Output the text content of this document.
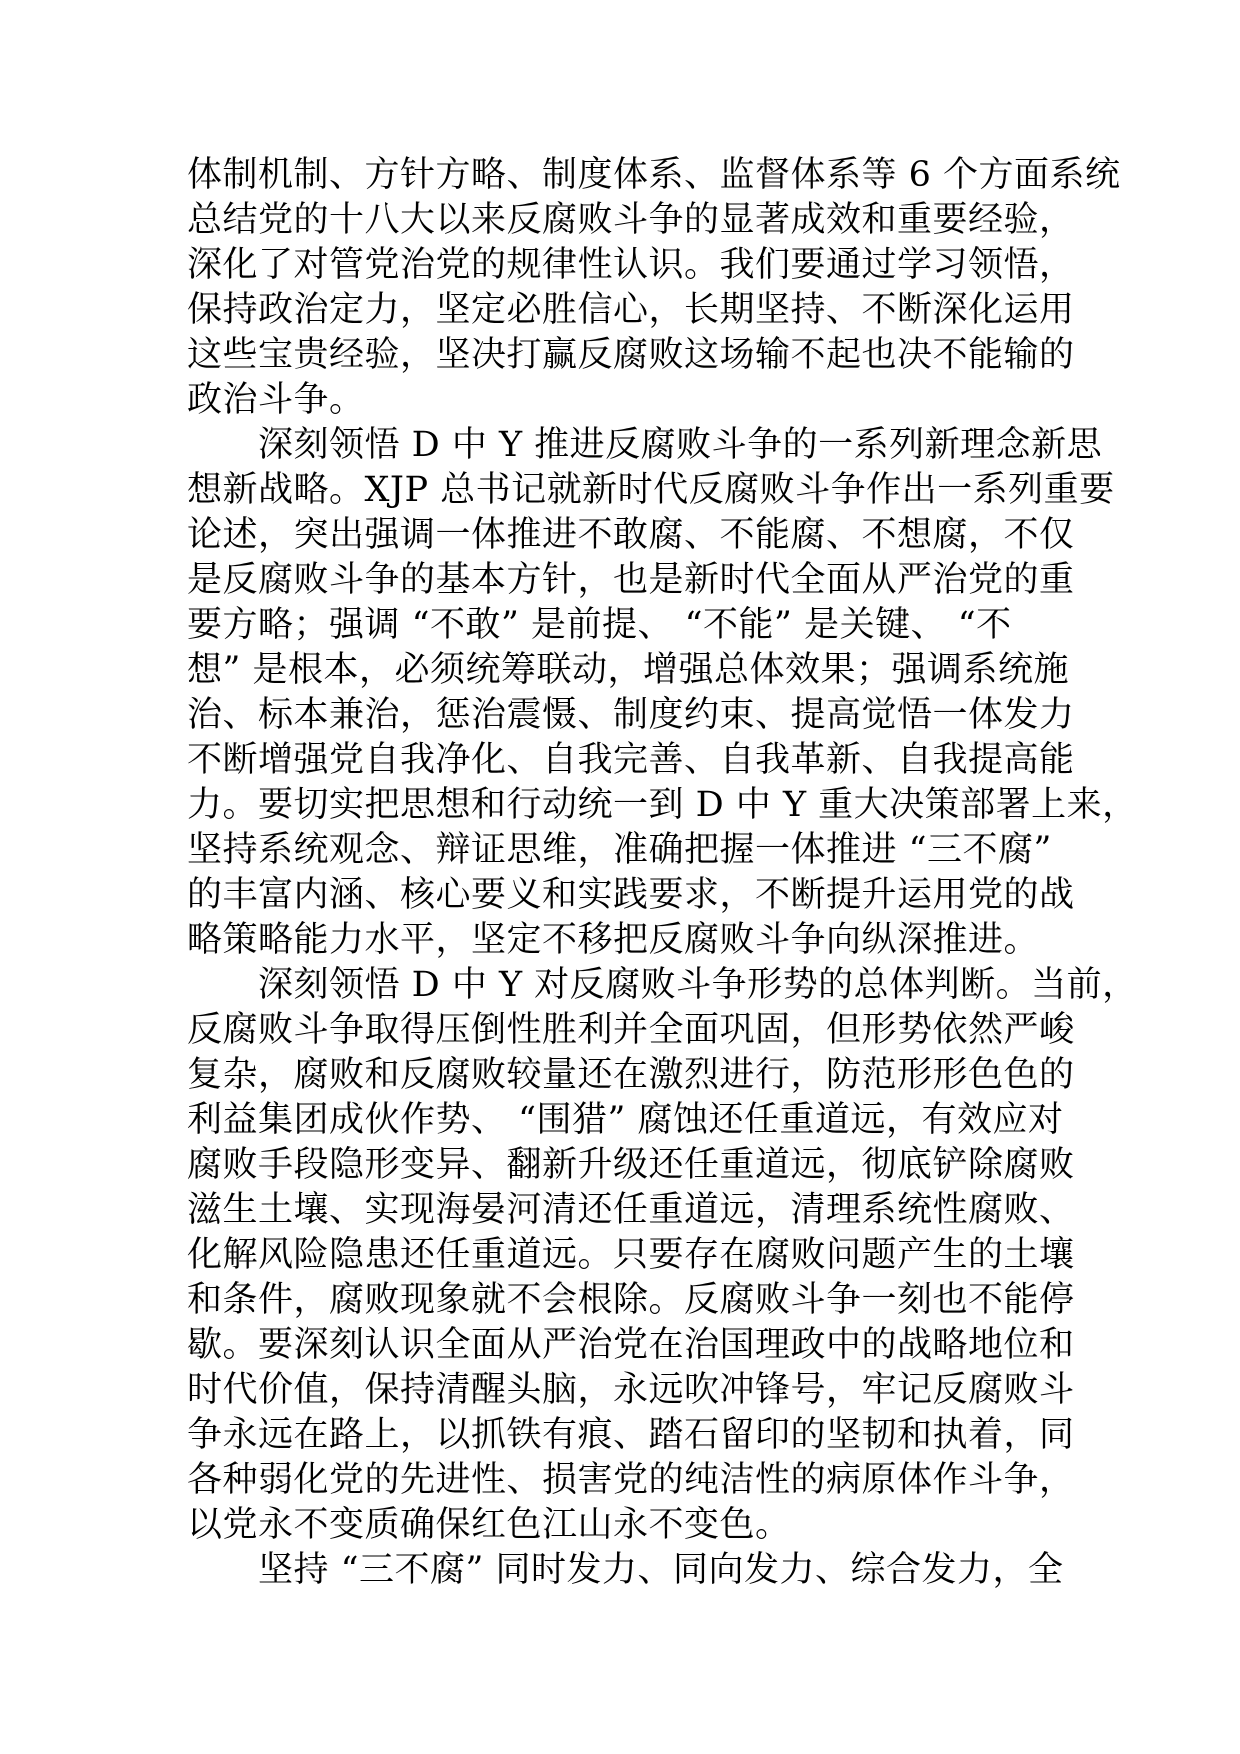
体制机制、方针方略、制度体系、监督体系等 6 个方面系统
总结党的十八大以来反腐败斗争的显著成效和重要经验，
深化了对管党治党的规律性认识。我们要通过学习领悟，
保持政治定力，坚定必胜信心，长期坚持、不断深化运用
这些宝贵经验，坚决打赢反腐败这场输不起也决不能输的
政治斗争。
　　深刻领悟 D 中 Y 推进反腐败斗争的一系列新理念新思
想新战略。XJP 总书记就新时代反腐败斗争作出一系列重要
论述，突出强调一体推进不敢腐、不能腐、不想腐，不仅
是反腐败斗争的基本方针，也是新时代全面从严治党的重
要方略；强调 “不敢” 是前提、 “不能” 是关键、 “不
想” 是根本，必须统筹联动，增强总体效果；强调系统施
治、标本兼治，惩治震慑、制度约束、提高觉悟一体发力
不断增强党自我净化、自我完善、自我革新、自我提高能
力。要切实把思想和行动统一到 D 中 Y 重大决策部署上来，
坚持系统观念、辩证思维，准确把握一体推进 “三不腐”
的丰富内涵、核心要义和实践要求，不断提升运用党的战
略策略能力水平，坚定不移把反腐败斗争向纵深推进。
　　深刻领悟 D 中 Y 对反腐败斗争形势的总体判断。当前，
反腐败斗争取得压倒性胜利并全面巩固，但形势依然严峻
复杂，腐败和反腐败较量还在激烈进行，防范形形色色的
利益集团成伙作势、 “围猎” 腐蚀还任重道远，有效应对
腐败手段隐形变异、翻新升级还任重道远，彻底铲除腐败
滋生土壤、实现海晏河清还任重道远，清理系统性腐败、
化解风险隐患还任重道远。只要存在腐败问题产生的土壤
和条件，腐败现象就不会根除。反腐败斗争一刻也不能停
歇。要深刻认识全面从严治党在治国理政中的战略地位和
时代价值，保持清醒头脑，永远吹冲锋号，牢记反腐败斗
争永远在路上，以抓铁有痕、踏石留印的坚韧和执着，同
各种弱化党的先进性、损害党的纯洁性的病原体作斗争，
以党永不变质确保红色江山永不变色。
　　坚持 “三不腐” 同时发力、同向发力、综合发力，全
